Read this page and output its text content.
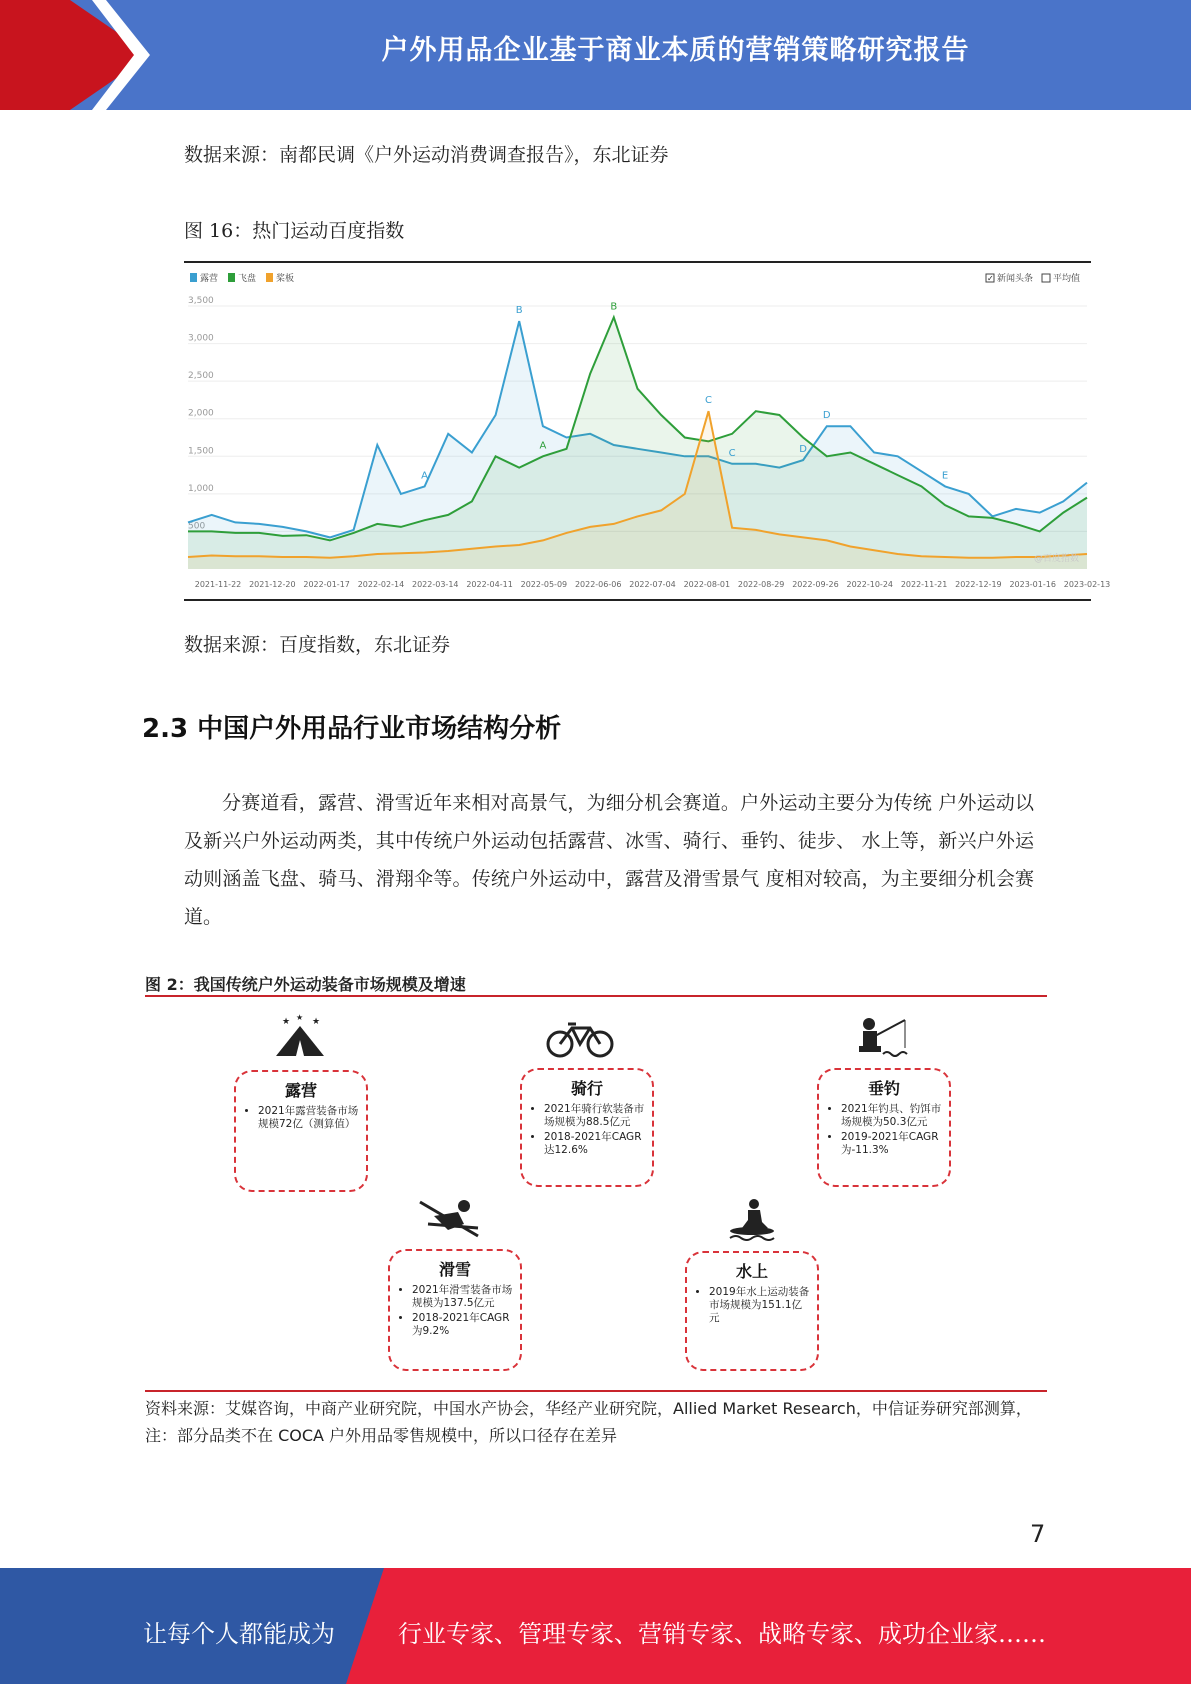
户外用品企业基于商业本质的营销策略研究报告
数据来源：南都民调《户外运动消费调查报告》，东北证券
图 16：热门运动百度指数
3,500
3,000
2,500
2,000
1,500
1,000
A
B
A
B
C
C	D
D
E
2021-11-22 2021-12-20 2022-01-17 2022-02-14 2022-03-14 2022-04-11 2022-05-09 2022-06-06 2022-07-04 2022-08-01 2022-08-29 2022-09-26 2022-10-24 2022-11-21 2022-12-19 2023-01-16 2023-02-13
露营 飞盘 桨板	✓ 新闻头条 平均值
@百度指数
数据来源：百度指数，东北证券
2.3 中国户外用品行业市场结构分析
分赛道看，露营、滑雪近年来相对高景气，为细分机会赛道。户外运动主要分为传统 户外运动以及新兴户外运动两类，其中传统户外运动包括露营、冰雪、骑行、垂钓、徒步、 水上等，新兴户外运动则涵盖飞盘、骑马、滑翔伞等。传统户外运动中，露营及滑雪景气 度相对较高，为主要细分机会赛道。
图 2：我国传统户外运动装备市场规模及增速
★ ★ ★
露营
• 2021年露营装备市场规模72亿（测算值）
骑行
• 2021年骑行软装备市场规模为88.5亿元
• 2018-2021年CAGR达12.6%
垂钓
• 2021年钓具、钓饵市场规模为50.3亿元
• 2019-2021年CAGR为-11.3%
滑雪
• 2021年滑雪装备市场规模为137.5亿元
• 2018-2021年CAGR为9.2%
水上
• 2019年水上运动装备市场规模为151.1亿元
资料来源：艾媒咨询，中商产业研究院，中国水产协会，华经产业研究院，Allied Market Research，中信证券研究部测算，注：部分品类不在 COCA 户外用品零售规模中，所以口径存在差异
7
让每个人都能成为	行业专家、管理专家、营销专家、战略专家、成功企业家……
